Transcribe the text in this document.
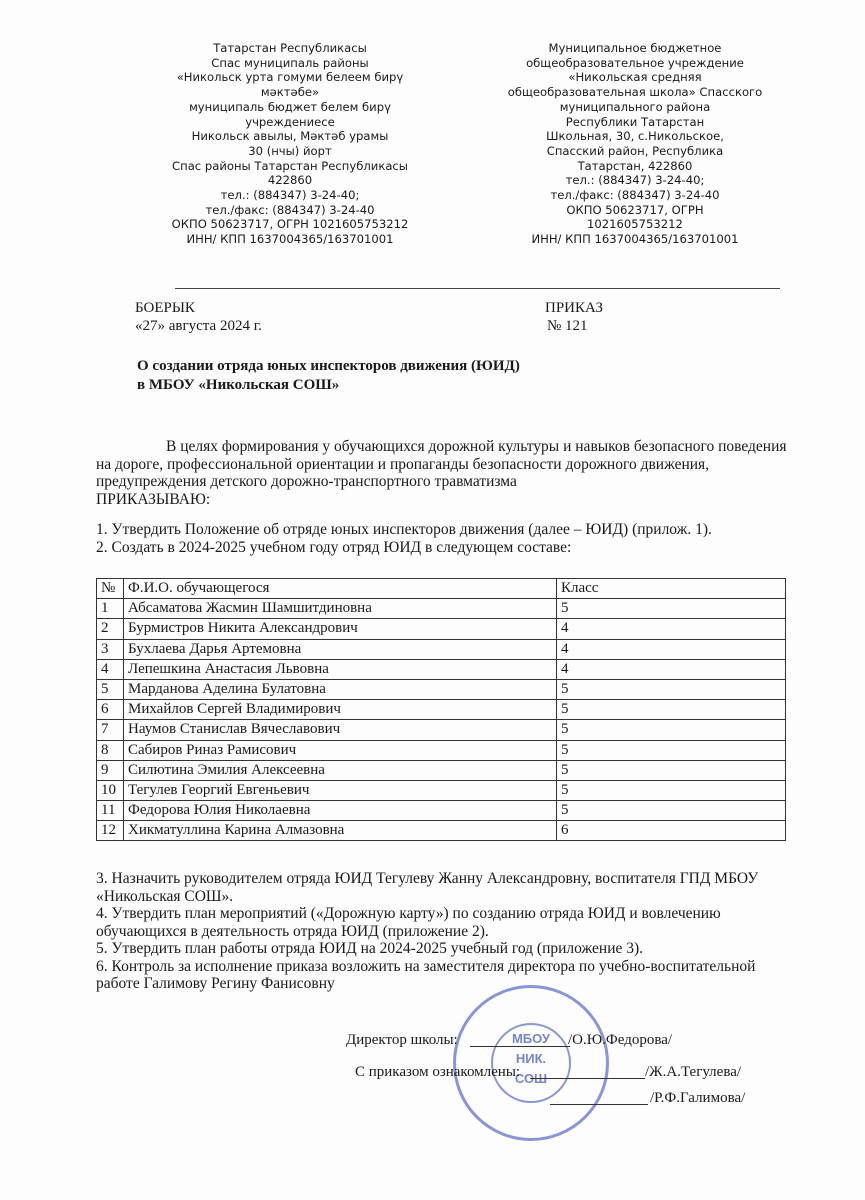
Татарстан Республикасы
Спас муниципаль районы
«Никольск урта гомуми белеем бирү
мәктәбе»
муниципаль бюджет белем бирү
учреждениесе
Никольск авылы, Мәктәб урамы
30 (нчы) йорт
Спас районы Татарстан Республикасы
422860
тел.: (884347) 3-24-40;
тел./факс: (884347) 3-24-40
ОКПО 50623717, ОГРН 1021605753212
ИНН/ КПП 1637004365/163701001
Муниципальное бюджетное
общеобразовательное учреждение
«Никольская средняя
общеобразовательная школа» Спасского
муниципального района
Республики Татарстан
Школьная, 30, с.Никольское,
Спасский район, Республика
Татарстан, 422860
тел.: (884347) 3-24-40;
тел./факс: (884347) 3-24-40
ОКПО 50623717, ОГРН
1021605753212
ИНН/ КПП 1637004365/163701001
БОЕРЫК
«27» августа 2024 г.
ПРИКАЗ
№ 121
О создании отряда юных инспекторов движения (ЮИД)
в МБОУ «Никольская СОШ»

В целях формирования у обучающихся дорожной культуры и навыков безопасного поведения на дороге, профессиональной ориентации и пропаганды безопасности дорожного движения, предупреждения детского дорожно-транспортного травматизма

ПРИКАЗЫВАЮ:

1. Утвердить Положение об отряде юных инспекторов движения (далее – ЮИД) (прилож. 1).

2. Создать в 2024-2025 учебном году отряд ЮИД в следующем составе:

№	Ф.И.О. обучающегося	Класс
1	Абсаматова Жасмин Шамшитдиновна	5
2	Бурмистров Никита Александрович	4
3	Бухлаева Дарья Артемовна	4
4	Лепешкина Анастасия Львовна	4
5	Марданова Аделина Булатовна	5
6	Михайлов Сергей Владимирович	5
7	Наумов Станислав Вячеславович	5
8	Сабиров Риназ Рамисович	5
9	Силютина Эмилия Алексеевна	5
10	Тегулев Георгий Евгеньевич	5
11	Федорова Юлия Николаевна	5
12	Хикматуллина Карина Алмазовна	6

3. Назначить руководителем отряда ЮИД Тегулеву Жанну Александровну, воспитателя ГПД МБОУ «Никольская СОШ».

4. Утвердить план мероприятий («Дорожную карту») по созданию отряда ЮИД и вовлечению обучающихся в деятельность отряда ЮИД (приложение 2).

5. Утвердить план работы отряда ЮИД на 2024-2025 учебный год (приложение 3).

6. Контроль за исполнение приказа возложить на заместителя директора по учебно-воспитательной работе Галимову Регину Фанисовну

МБОУ
НИК.
СОШ
Директор школы:	/О.Ю.Федорова/
С приказом ознакомлены:	/Ж.А.Тегулева/
/Р.Ф.Галимова/
